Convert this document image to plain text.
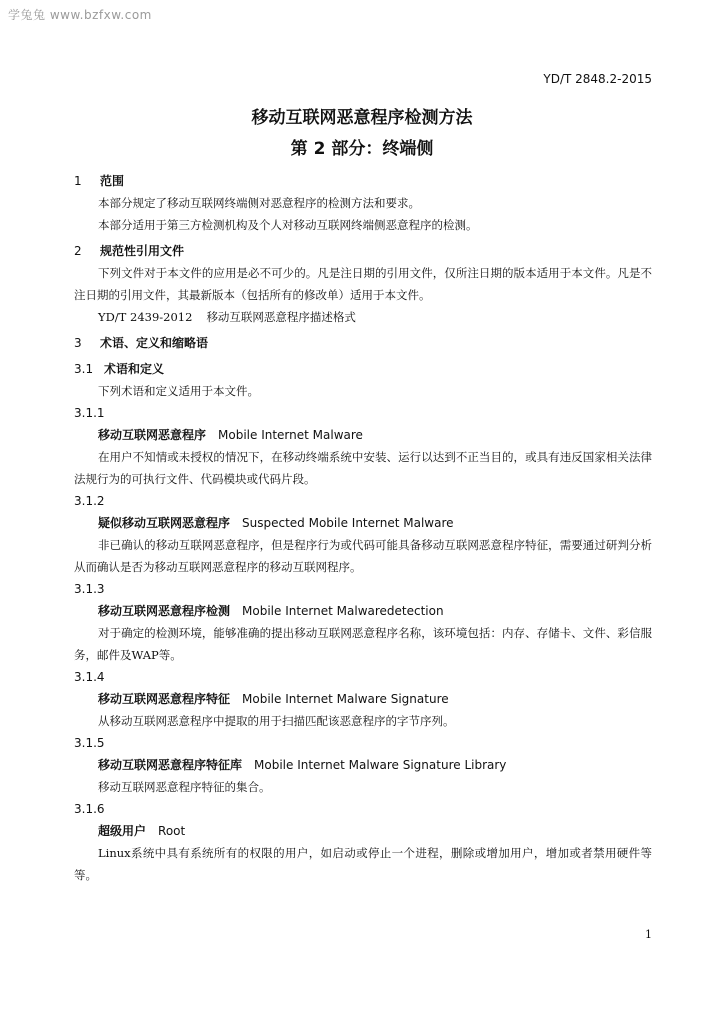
学兔兔 www.bzfxw.com
YD/T 2848.2-2015
移动互联网恶意程序检测方法
第 2 部分：终端侧
1 范围

本部分规定了移动互联网终端侧对恶意程序的检测方法和要求。

本部分适用于第三方检测机构及个人对移动互联网终端侧恶意程序的检测。

2 规范性引用文件

下列文件对于本文件的应用是必不可少的。凡是注日期的引用文件，仅所注日期的版本适用于本文件。凡是不注日期的引用文件，其最新版本（包括所有的修改单）适用于本文件。

YD/T 2439-2012 移动互联网恶意程序描述格式
3 术语、定义和缩略语
3.1 术语和定义

下列术语和定义适用于本文件。

3.1.1
移动互联网恶意程序 Mobile Internet Malware

在用户不知情或未授权的情况下，在移动终端系统中安装、运行以达到不正当目的，或具有违反国家相关法律法规行为的可执行文件、代码模块或代码片段。

3.1.2
疑似移动互联网恶意程序 Suspected Mobile Internet Malware

非已确认的移动互联网恶意程序，但是程序行为或代码可能具备移动互联网恶意程序特征，需要通过研判分析从而确认是否为移动互联网恶意程序的移动互联网程序。

3.1.3
移动互联网恶意程序检测 Mobile Internet Malwaredetection

对于确定的检测环境，能够准确的提出移动互联网恶意程序名称，该环境包括：内存、存储卡、文件、彩信服务，邮件及WAP等。

3.1.4
移动互联网恶意程序特征 Mobile Internet Malware Signature

从移动互联网恶意程序中提取的用于扫描匹配该恶意程序的字节序列。

3.1.5
移动互联网恶意程序特征库 Mobile Internet Malware Signature Library

移动互联网恶意程序特征的集合。

3.1.6
超级用户 Root

Linux系统中具有系统所有的权限的用户，如启动或停止一个进程，删除或增加用户，增加或者禁用硬件等等。

1
